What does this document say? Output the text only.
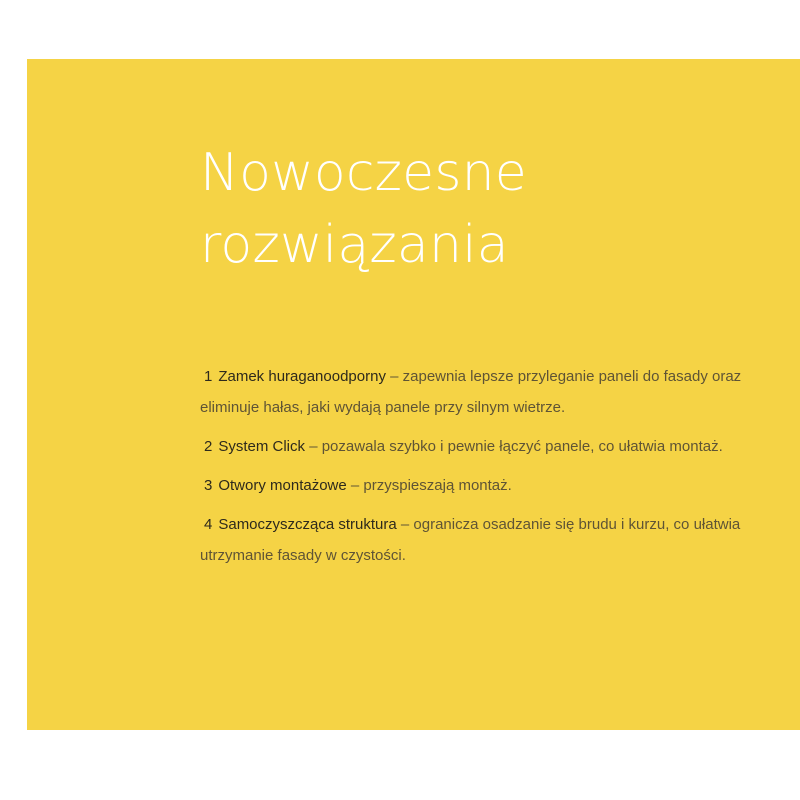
Nowoczesne
rozwiązania
1 Zamek huraganoodporny – zapewnia lepsze przyleganie paneli do fasady oraz eliminuje hałas, jaki wydają panele przy silnym wietrze.
2 System Click – pozawala szybko i pewnie łączyć panele, co ułatwia montaż.
3 Otwory montażowe – przyspieszają montaż.
4 Samoczyszcząca struktura – ogranicza osadzanie się brudu i kurzu, co ułatwia utrzymanie fasady w czystości.
